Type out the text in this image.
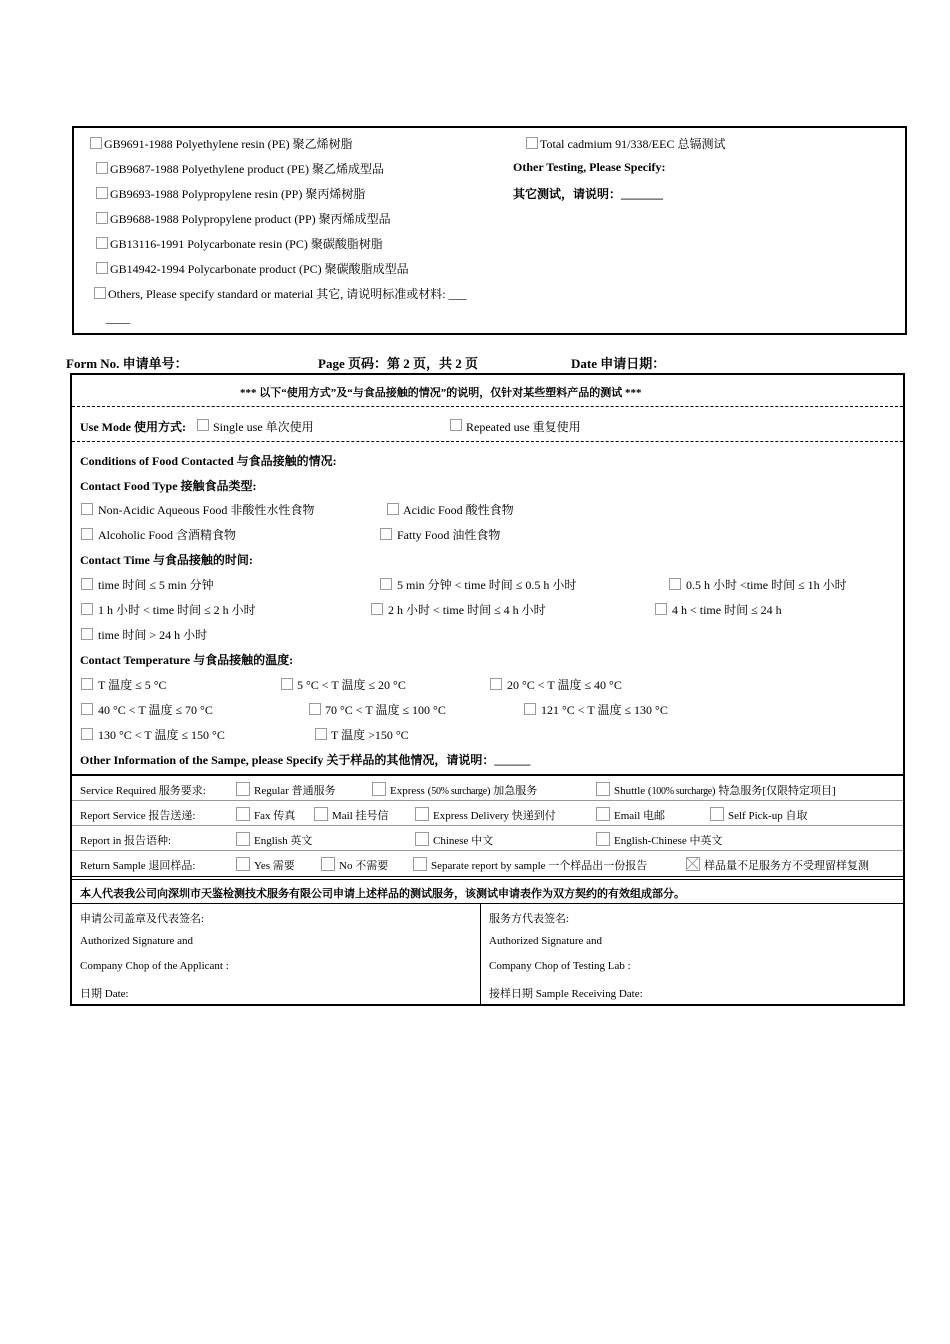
GB9691-1988 Polyethylene resin (PE) 聚乙烯树脂
GB9687-1988 Polyethylene product (PE) 聚乙烯成型品
GB9693-1988 Polypropylene resin (PP) 聚丙烯树脂
GB9688-1988 Polypropylene product (PP) 聚丙烯成型品
GB13116-1991 Polycarbonate resin (PC) 聚碳酸脂树脂
GB14942-1994 Polycarbonate product (PC) 聚碳酸脂成型品
Others, Please specify standard or material 其它, 请说明标准或材料: ___
____
Total cadmium 91/338/EEC 总镉测试
Other Testing, Please Specify:
其它测试，请说明：_______
Form No. 申请单号：	Page 页码：第 2 页，共 2 页	Date 申请日期：
*** 以下“使用方式”及“与食品接触的情况”的说明，仅针对某些塑料产品的测试 ***
Use Mode 使用方式: Single use 单次使用	Repeated use 重复使用
Conditions of Food Contacted 与食品接触的情况:
Contact Food Type 接触食品类型:
Non-Acidic Aqueous Food 非酸性水性食物	Acidic Food 酸性食物
Alcoholic Food 含酒精食物	Fatty Food 油性食物
Contact Time 与食品接触的时间:
time 时间 ≤ 5 min 分钟	5 min 分钟 < time 时间 ≤ 0.5 h 小时	0.5 h 小时 <time 时间 ≤ 1h 小时
1 h 小时 < time 时间 ≤ 2 h 小时	2 h 小时 < time 时间 ≤ 4 h 小时	4 h < time 时间 ≤ 24 h
time 时间 > 24 h 小时
Contact Temperature 与食品接触的温度:
T 温度 ≤ 5 °C	5 °C < T 温度 ≤ 20 °C	20 °C < T 温度 ≤ 40 °C
40 °C < T 温度 ≤ 70 °C	70 °C < T 温度 ≤ 100 °C	121 °C < T 温度 ≤ 130 °C
130 °C < T 温度 ≤ 150 °C	T 温度 >150 °C
Other Information of the Sampe, please Specify 关于样品的其他情况，请说明：______
Service Required 服务要求:	Regular 普通服务	Express (50% surcharge) 加急服务	Shuttle (100% surcharge) 特急服务[仅限特定项目]
Report Service 报告送递:	Fax 传真	Mail 挂号信	Express Delivery 快递到付	Email 电邮	Self Pick-up 自取
Report in 报告语种:	English 英文	Chinese 中文	English-Chinese 中英文
Return Sample 退回样品:	Yes 需要	No 不需要	Separate report by sample 一个样品出一份报告	样品量不足服务方不受理留样复测
本人代表我公司向深圳市天鉴检测技术服务有限公司申请上述样品的测试服务，该测试申请表作为双方契约的有效组成部分。
申请公司盖章及代表签名:
Authorized Signature and
Company Chop of the Applicant :
日期 Date:
服务方代表签名:
Authorized Signature and
Company Chop of Testing Lab :
接样日期 Sample Receiving Date:
